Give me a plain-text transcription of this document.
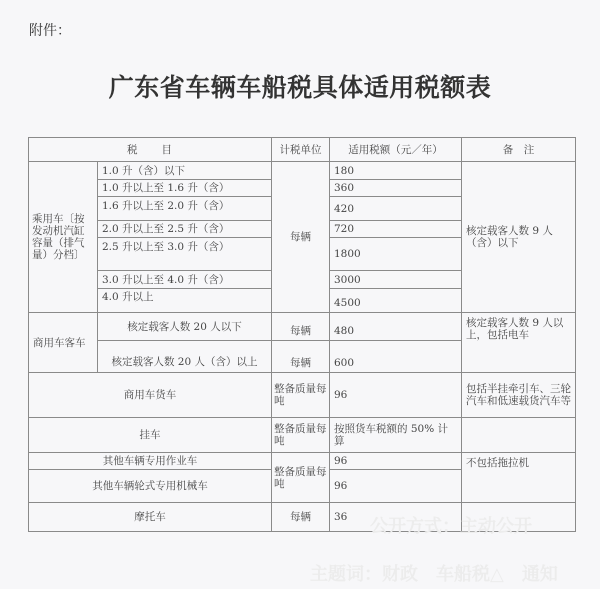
附件：
广东省车辆车船税具体适用税额表
税　　目		计税单位	适用税额（元／年）	备　注
乘用车〔按发动机汽缸容量（排气量）分档〕	1.0 升（含）以下	每辆	180	核定载客人数 9 人（含）以下
	1.0 升以上至 1.6 升（含）		360	
	1.6 升以上至 2.0 升（含）		420	
	2.0 升以上至 2.5 升（含）		720	
	2.5 升以上至 3.0 升（含）		1800	
	3.0 升以上至 4.0 升（含）		3000	
	4.0 升以上		4500	
商用车客车	核定载客人数 20 人以下	每辆	480	核定载客人数 9 人以上，包括电车
	核定载客人数 20 人（含）以上	每辆	600	
商用车货车		整备质量每吨	96	包括半挂牵引车、三轮汽车和低速载货汽车等
挂车		整备质量每吨	按照货车税额的 50% 计算	
其他车辆专用作业车		整备质量每吨	96	不包括拖拉机
其他车辆轮式专用机械车			96	
摩托车		每辆	36	公开方式：主动公开
主题词：财政　车船税△　通知
